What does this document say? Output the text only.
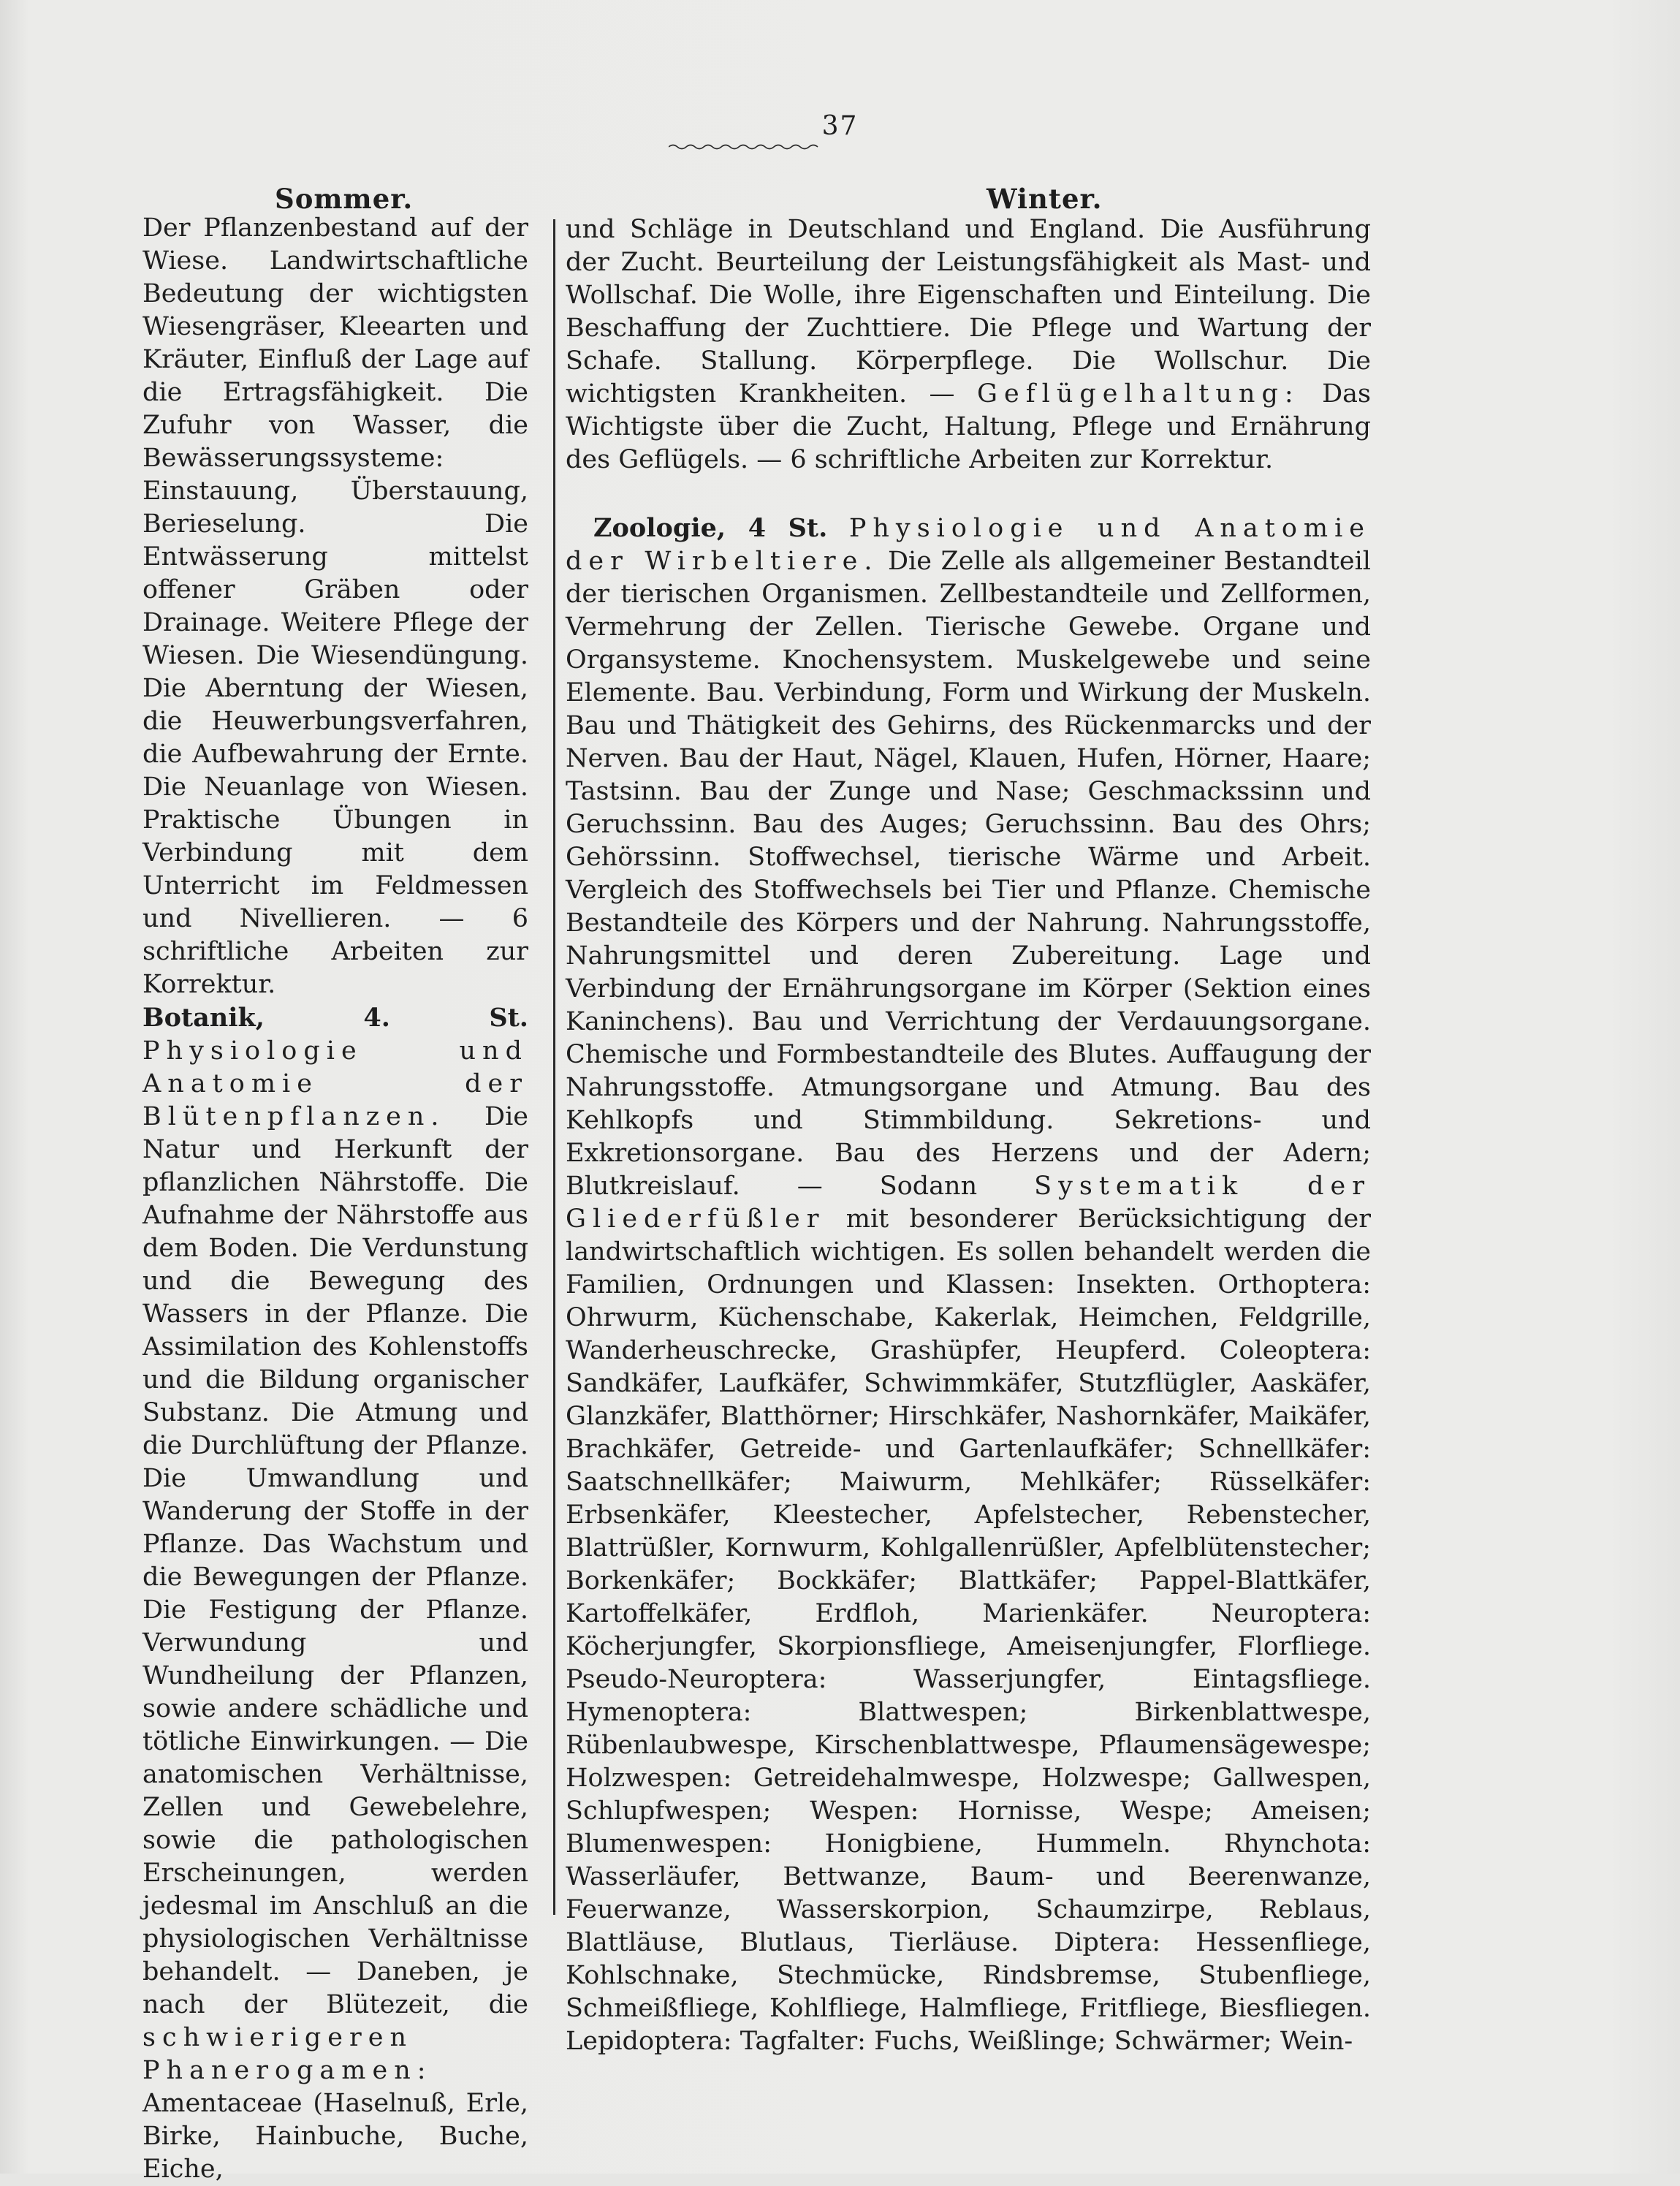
37
Sommer.	Winter.

Der Pflanzenbestand auf der Wiese. Landwirtschaftliche Bedeutung der wichtigsten Wiesengräser, Kleearten und Kräuter, Einfluß der Lage auf die Ertragsfähigkeit. Die Zufuhr von Wasser, die Bewässerungssysteme: Einstauung, Überstauung, Berieselung. Die Entwässerung mittelst offener Gräben oder Drainage. Weitere Pflege der Wiesen. Die Wiesendüngung. Die Aberntung der Wiesen, die Heuwerbungsverfahren, die Aufbewahrung der Ernte. Die Neuanlage von Wiesen. Praktische Übungen in Verbindung mit dem Unterricht im Feldmessen und Nivellieren. — 6 schriftliche Arbeiten zur Korrektur.

Botanik, 4. St. Physiologie und Anatomie der Blütenpflanzen. Die Natur und Herkunft der pflanzlichen Nährstoffe. Die Aufnahme der Nährstoffe aus dem Boden. Die Verdunstung und die Bewegung des Wassers in der Pflanze. Die Assimilation des Kohlenstoffs und die Bildung organischer Substanz. Die Atmung und die Durchlüftung der Pflanze. Die Umwandlung und Wanderung der Stoffe in der Pflanze. Das Wachstum und die Bewegungen der Pflanze. Die Festigung der Pflanze. Verwundung und Wundheilung der Pflanzen, sowie andere schädliche und tötliche Einwirkungen. — Die anatomischen Verhältnisse, Zellen und Gewebelehre, sowie die pathologischen Erscheinungen, werden jedesmal im Anschluß an die physiologischen Verhältnisse behandelt. — Daneben, je nach der Blütezeit, die schwierigeren Phanerogamen: Amentaceae (Haselnuß, Erle, Birke, Hainbuche, Buche, Eiche,

und Schläge in Deutschland und England. Die Ausführung der Zucht. Beurteilung der Leistungsfähigkeit als Mast- und Wollschaf. Die Wolle, ihre Eigenschaften und Einteilung. Die Beschaffung der Zuchttiere. Die Pflege und Wartung der Schafe. Stallung. Körperpflege. Die Wollschur. Die wichtigsten Krankheiten. — Geflügelhaltung: Das Wichtigste über die Zucht, Haltung, Pflege und Ernährung des Geflügels. — 6 schriftliche Arbeiten zur Korrektur.

Zoologie, 4 St. Physiologie und Anatomie der Wirbeltiere. Die Zelle als allgemeiner Bestandteil der tierischen Organismen. Zellbestandteile und Zellformen, Vermehrung der Zellen. Tierische Gewebe. Organe und Organsysteme. Knochensystem. Muskelgewebe und seine Elemente. Bau. Verbindung, Form und Wirkung der Muskeln. Bau und Thätigkeit des Gehirns, des Rückenmarcks und der Nerven. Bau der Haut, Nägel, Klauen, Hufen, Hörner, Haare; Tastsinn. Bau der Zunge und Nase; Geschmackssinn und Geruchssinn. Bau des Auges; Geruchssinn. Bau des Ohrs; Gehörssinn. Stoffwechsel, tierische Wärme und Arbeit. Vergleich des Stoffwechsels bei Tier und Pflanze. Chemische Bestandteile des Körpers und der Nahrung. Nahrungsstoffe, Nahrungsmittel und deren Zubereitung. Lage und Verbindung der Ernährungsorgane im Körper (Sektion eines Kaninchens). Bau und Verrichtung der Verdauungsorgane. Chemische und Formbestandteile des Blutes. Auffaugung der Nahrungsstoffe. Atmungsorgane und Atmung. Bau des Kehlkopfs und Stimmbildung. Sekretions- und Exkretionsorgane. Bau des Herzens und der Adern; Blutkreislauf. — Sodann Systematik der Gliederfüßler mit besonderer Berücksichtigung der landwirtschaftlich wichtigen. Es sollen behandelt werden die Familien, Ordnungen und Klassen: Insekten. Orthoptera: Ohrwurm, Küchenschabe, Kakerlak, Heimchen, Feldgrille, Wanderheuschrecke, Grashüpfer, Heupferd. Coleoptera: Sandkäfer, Laufkäfer, Schwimmkäfer, Stutzflügler, Aaskäfer, Glanzkäfer, Blatthörner; Hirschkäfer, Nashornkäfer, Maikäfer, Brachkäfer, Getreide- und Gartenlaufkäfer; Schnellkäfer: Saatschnellkäfer; Maiwurm, Mehlkäfer; Rüsselkäfer: Erbsenkäfer, Kleestecher, Apfelstecher, Rebenstecher, Blattrüßler, Kornwurm, Kohlgallenrüßler, Apfelblütenstecher; Borkenkäfer; Bockkäfer; Blattkäfer; Pappel-Blattkäfer, Kartoffelkäfer, Erdfloh, Marienkäfer. Neuroptera: Köcherjungfer, Skorpionsfliege, Ameisenjungfer, Florfliege. Pseudo-Neuroptera: Wasserjungfer, Eintagsfliege. Hymenoptera: Blattwespen; Birkenblattwespe, Rübenlaubwespe, Kirschenblattwespe, Pflaumensägewespe; Holzwespen: Getreidehalmwespe, Holzwespe; Gallwespen, Schlupfwespen; Wespen: Hornisse, Wespe; Ameisen; Blumenwespen: Honigbiene, Hummeln. Rhynchota: Wasserläufer, Bettwanze, Baum- und Beerenwanze, Feuerwanze, Wasserskorpion, Schaumzirpe, Reblaus, Blattläuse, Blutlaus, Tierläuse. Diptera: Hessenfliege, Kohlschnake, Stechmücke, Rindsbremse, Stubenfliege, Schmeißfliege, Kohlfliege, Halmfliege, Fritfliege, Biesfliegen. Lepidoptera: Tagfalter: Fuchs, Weißlinge; Schwärmer; Wein-
